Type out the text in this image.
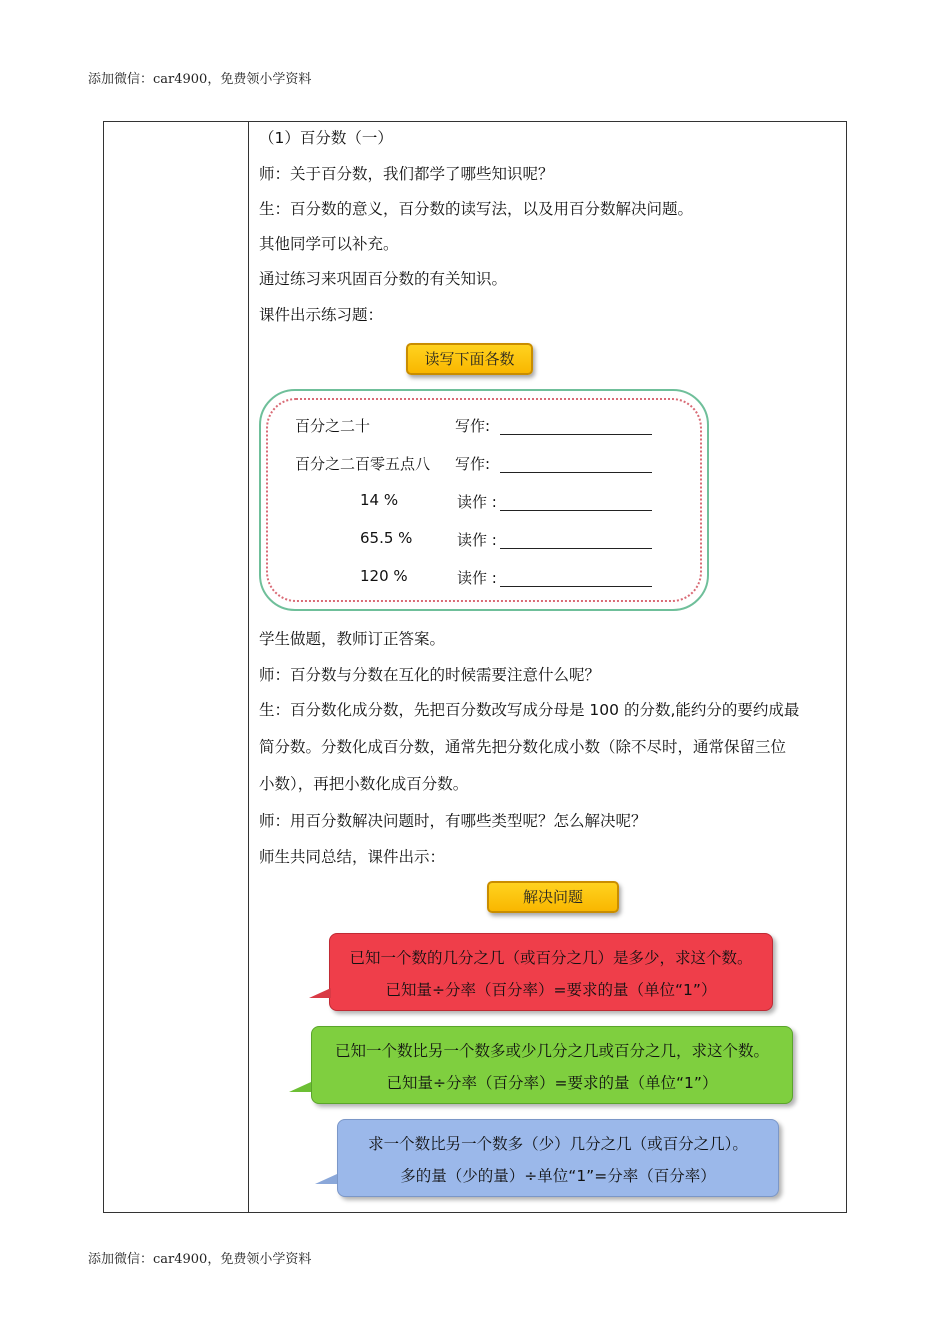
添加微信：car4900，免费领小学资料
（1）百分数（一）
师：关于百分数，我们都学了哪些知识呢？
生：百分数的意义，百分数的读写法，以及用百分数解决问题。
其他同学可以补充。
通过练习来巩固百分数的有关知识。
课件出示练习题：
读写下面各数
百分之二十	写作:
百分之二百零五点八 写作:
14 %	读作 :
65.5 %	读作 :
120 %	读作 :
学生做题，教师订正答案。
师：百分数与分数在互化的时候需要注意什么呢？
生：百分数化成分数，先把百分数改写成分母是 100 的分数,能约分的要约成最
简分数。分数化成百分数，通常先把分数化成小数（除不尽时，通常保留三位
小数），再把小数化成百分数。
师：用百分数解决问题时，有哪些类型呢？怎么解决呢？
师生共同总结，课件出示：
解决问题
已知一个数的几分之几（或百分之几）是多少，求这个数。
已知量÷分率（百分率）=要求的量（单位“1”）
已知一个数比另一个数多或少几分之几或百分之几，求这个数。
已知量÷分率（百分率）=要求的量（单位“1”）
求一个数比另一个数多（少）几分之几（或百分之几）。
多的量（少的量）÷单位“1”=分率（百分率）
添加微信：car4900，免费领小学资料
